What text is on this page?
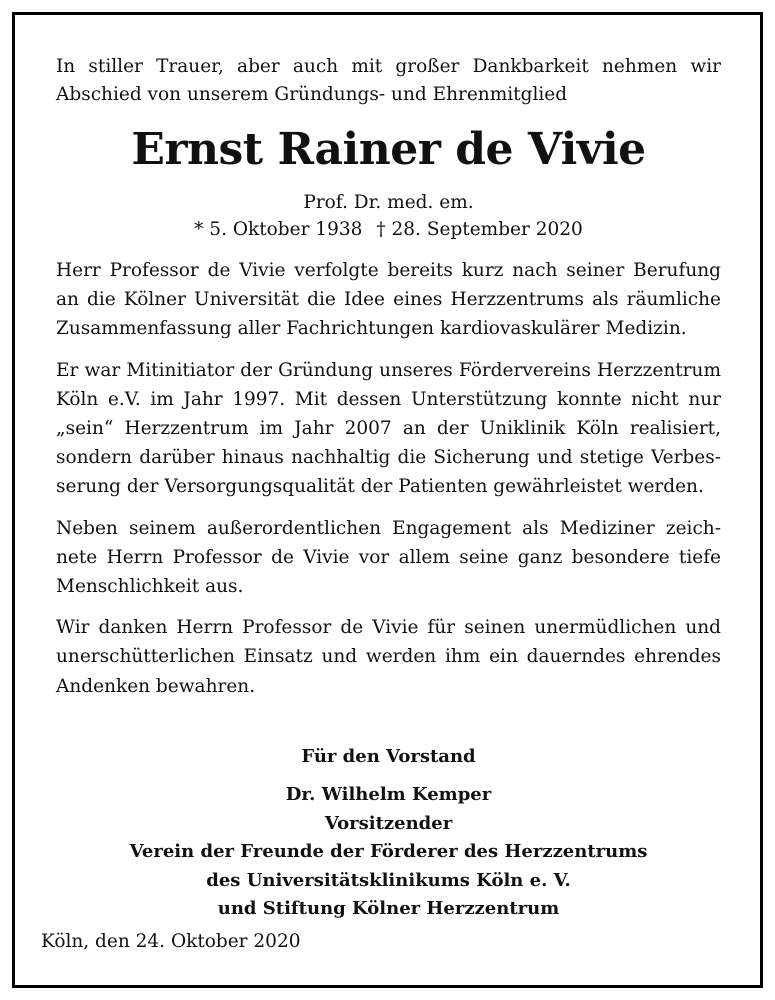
In stiller Trauer, aber auch mit großer Dankbarkeit nehmen wir Abschied von unserem Gründungs- und Ehrenmitglied

Ernst Rainer de Vivie

Prof. Dr. med. em.

* 5. Oktober 1938 † 28. September 2020

Herr Professor de Vivie verfolgte bereits kurz nach seiner Berufung an die Kölner Universität die Idee eines Herzzentrums als räumliche Zusammenfassung aller Fachrichtungen kardiovaskulärer Medizin.

Er war Mitinitiator der Gründung unseres Fördervereins Herzzentrum Köln e.V. im Jahr 1997. Mit dessen Unterstützung konnte nicht nur „sein“ Herzzentrum im Jahr 2007 an der Uniklinik Köln realisiert, sondern darüber hinaus nachhaltig die Sicherung und stetige Verbesserung der Versorgungsqualität der Patienten gewährleistet werden.

Neben seinem außerordentlichen Engagement als Mediziner zeichnete Herrn Professor de Vivie vor allem seine ganz besondere tiefe Menschlichkeit aus.

Wir danken Herrn Professor de Vivie für seinen unermüdlichen und unerschütterlichen Einsatz und werden ihm ein dauerndes ehrendes Andenken bewahren.

Für den Vorstand
Dr. Wilhelm Kemper
Vorsitzender
Verein der Freunde der Förderer des Herzzentrums
des Universitätsklinikums Köln e. V.
und Stiftung Kölner Herzzentrum
Köln, den 24. Oktober 2020
